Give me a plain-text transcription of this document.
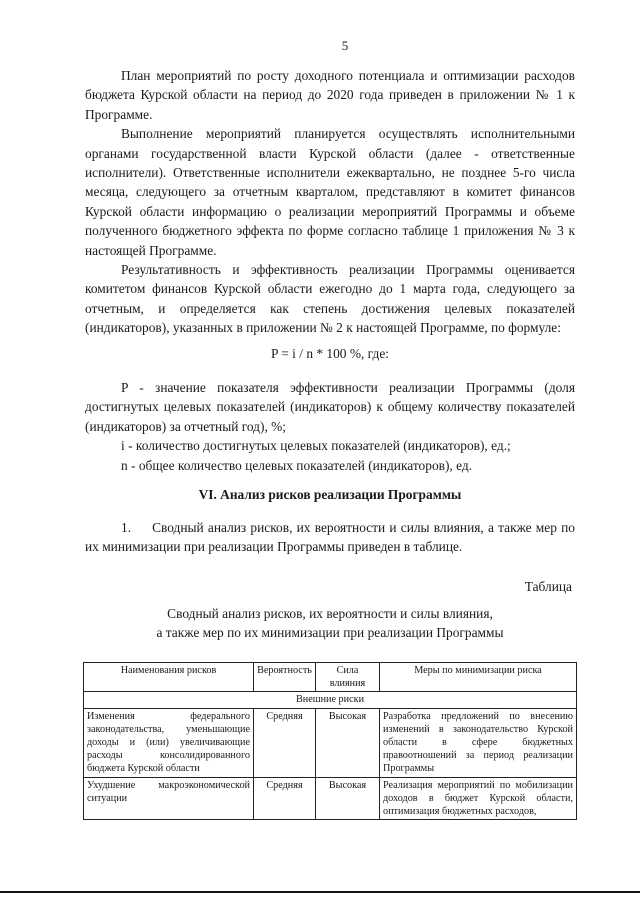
5

План мероприятий по росту доходного потенциала и оптимизации расходов бюджета Курской области на период до 2020 года приведен в приложении № 1 к Программе.

Выполнение мероприятий планируется осуществлять исполнительными органами государственной власти Курской области (далее - ответственные исполнители). Ответственные исполнители ежеквартально, не позднее 5-го числа месяца, следующего за отчетным кварталом, представляют в комитет финансов Курской области информацию о реализации мероприятий Программы и объеме полученного бюджетного эффекта по форме согласно таблице 1 приложения № 3 к настоящей Программе.

Результативность и эффективность реализации Программы оценивается комитетом финансов Курской области ежегодно до 1 марта года, следующего за отчетным, и определяется как степень достижения целевых показателей (индикаторов), указанных в приложении № 2 к настоящей Программе, по формуле:

P = i / n * 100 %, где:

P - значение показателя эффективности реализации Программы (доля достигнутых целевых показателей (индикаторов) к общему количеству показателей (индикаторов) за отчетный год), %;

i - количество достигнутых целевых показателей (индикаторов), ед.;

n - общее количество целевых показателей (индикаторов), ед.

VI. Анализ рисков реализации Программы

1.     Сводный анализ рисков, их вероятности и силы влияния, а также мер по их минимизации при реализации Программы приведен в таблице.

Таблица
Сводный анализ рисков, их вероятности и силы влияния,
а также мер по их минимизации при реализации Программы
Наименования рисков	Вероятность	Сила влияния	Меры по минимизации риска
Внешние риски			
Изменения федерального законодательства, уменьшающие доходы и (или) увеличивающие расходы консолидированного бюджета Курской области	Средняя	Высокая	Разработка предложений по внесению изменений в законодательство Курской области в сфере бюджетных правоотношений за период реализации Программы
Ухудшение макроэкономической ситуации	Средняя	Высокая	Реализация мероприятий по мобилизации доходов в бюджет Курской области, оптимизация бюджетных расходов,
